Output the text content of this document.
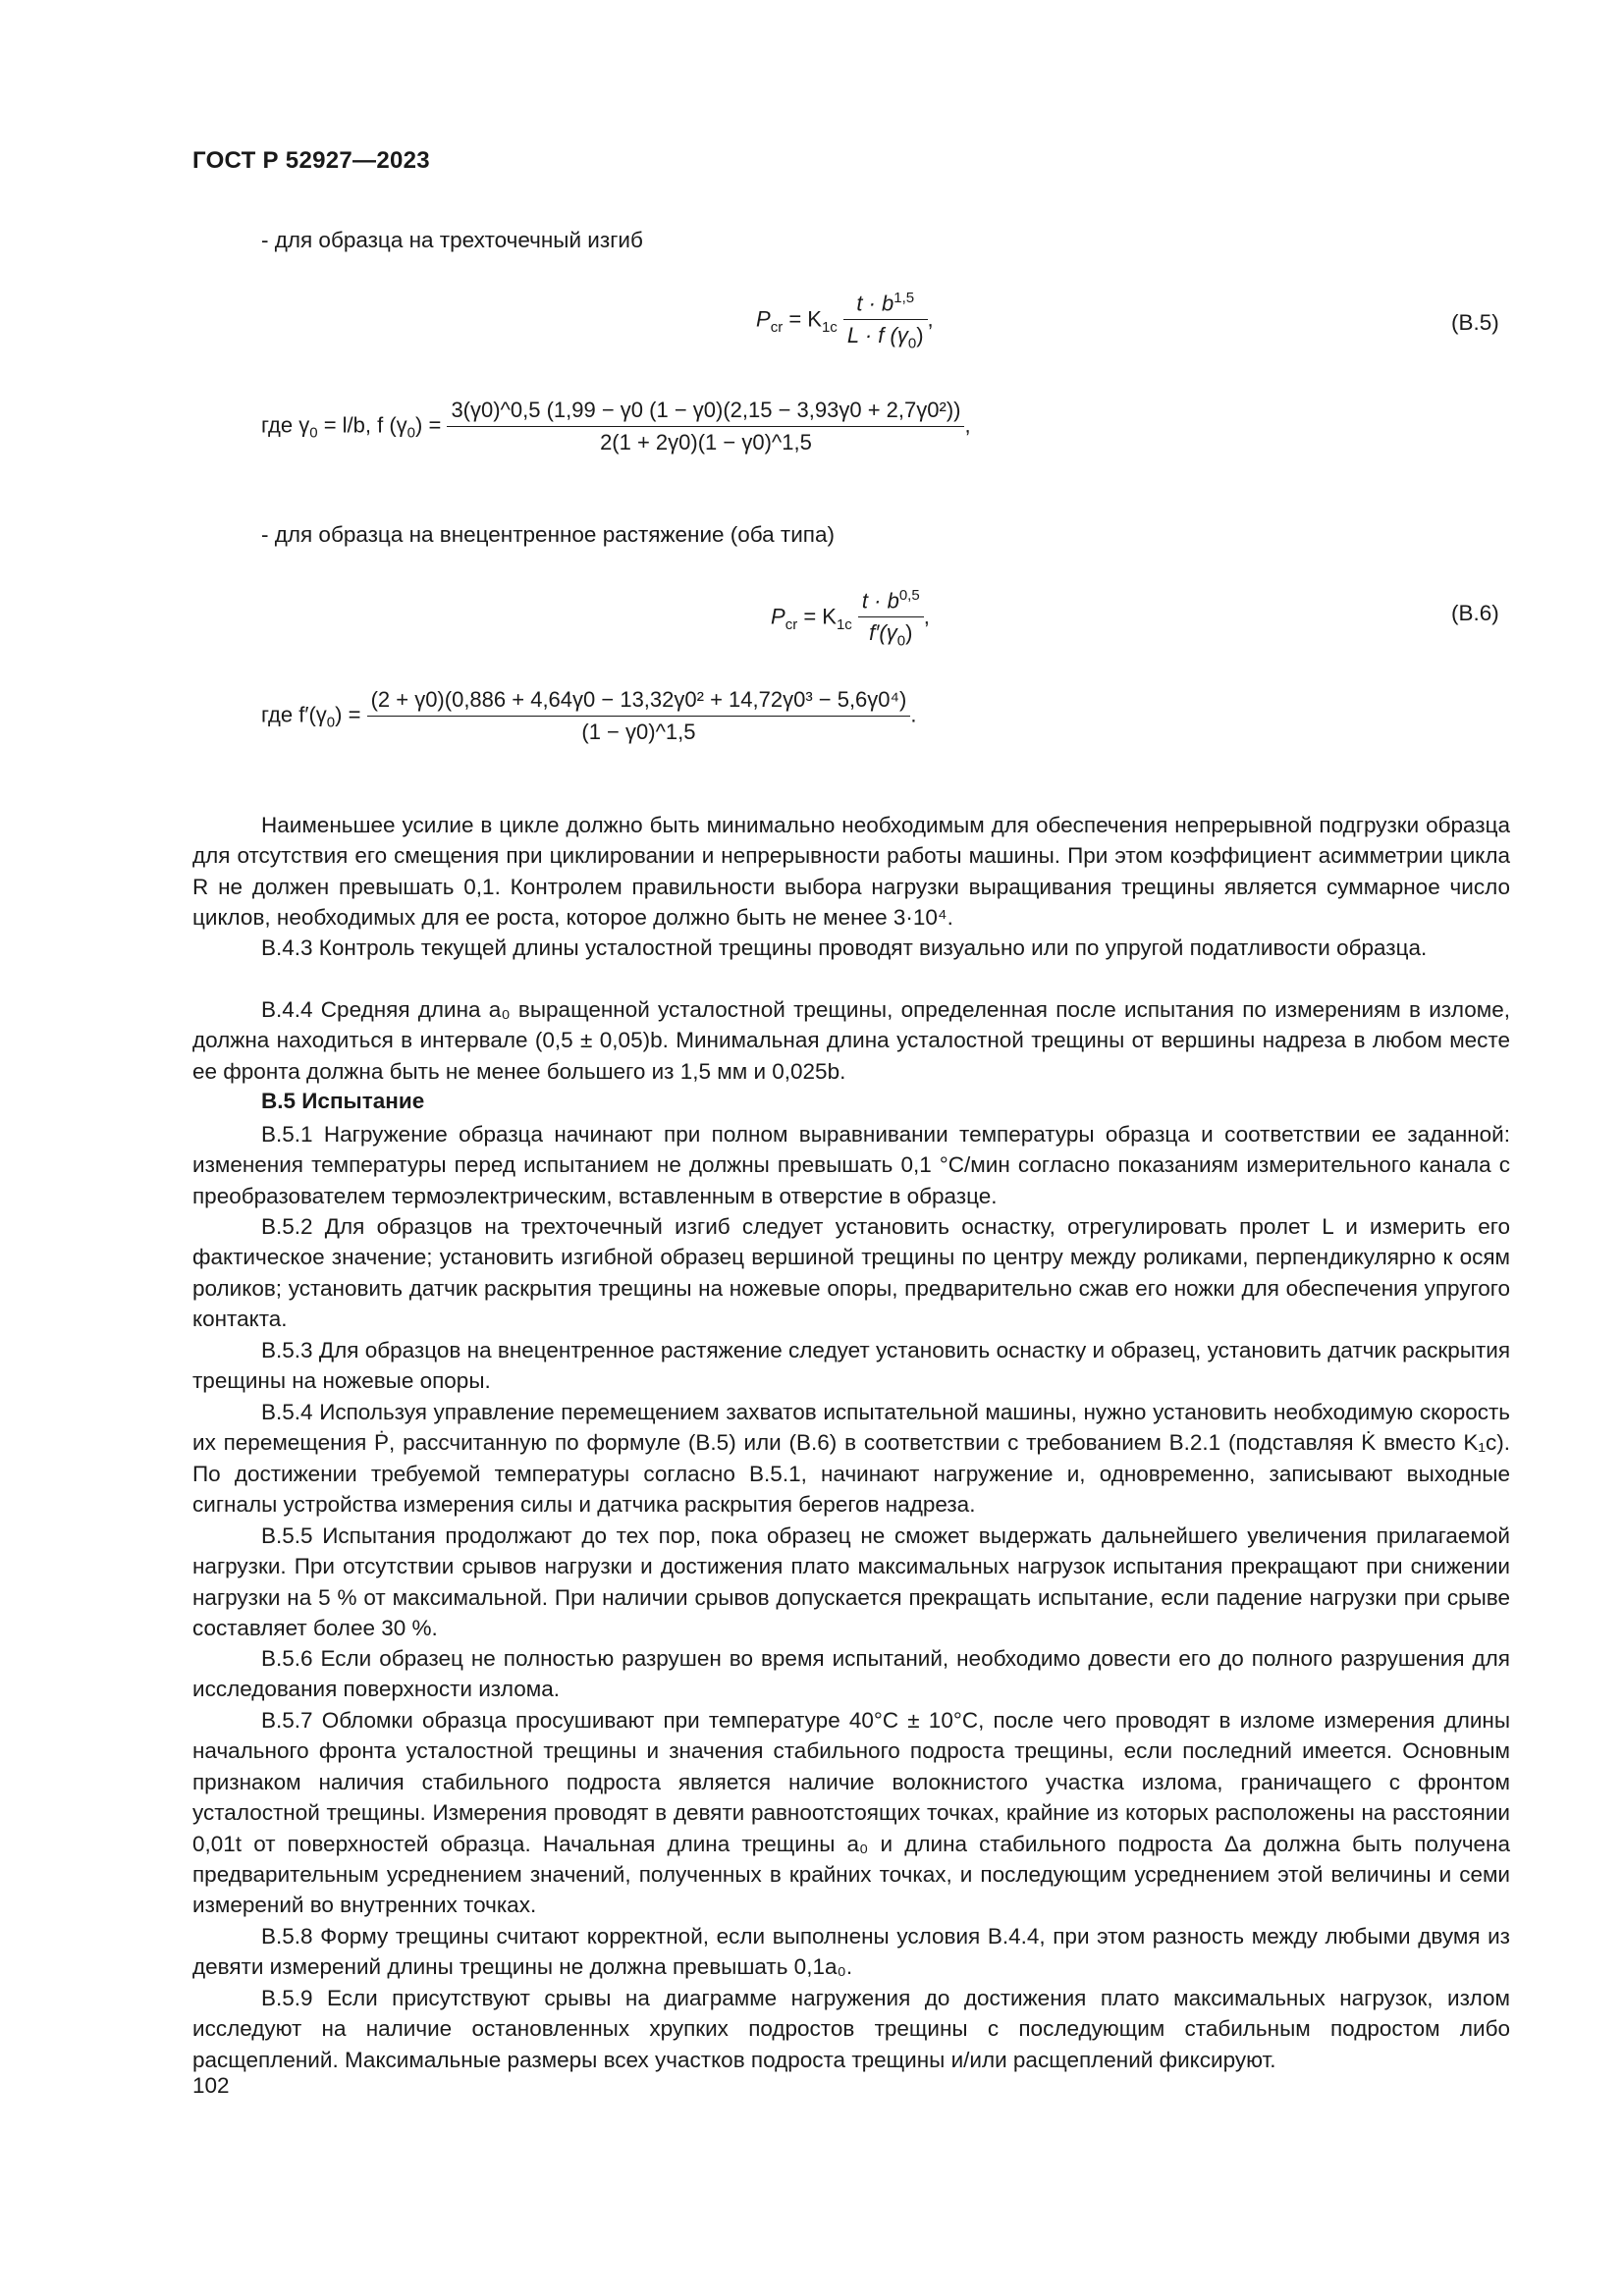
ГОСТ Р 52927—2023
- для образца на трехточечный изгиб
$P_{cr} = K_{1c} \frac{t \cdot b^{1,5}}{L \cdot f (\gamma_0)}$ ,	(В.5)
где $\gamma_0 = l/b$, f $(\gamma_0) = \frac{\text{3(γ0)\textasciicircum{}0,5 (1,99 − γ0 (1 − γ0)(2,15 − 3,93γ0 + 2,7γ0²))}}{2(1 + 2\gamma 0)(1 - \gamma 0)\^{}1,5}$ ,
- для образца на внецентренное растяжение (оба типа)
$P_{cr} = K_{1c} \frac{t \cdot b^{0,5}}{f'(\gamma_0)}$ ,	(В.6)
где $f'(\gamma_0) = \frac{\text{(2 + γ0)(0,886 + 4,64γ0 − 13,32γ0² + 14,72γ0³ − 5,6γ0⁴)}}{(1 - \gamma 0)\^{}1,5}$ .

Наименьшее усилие в цикле должно быть минимально необходимым для обеспечения непрерывной подгрузки образца для отсутствия его смещения при циклировании и непрерывности работы машины. При этом коэффициент асимметрии цикла R не должен превышать 0,1. Контролем правильности выбора нагрузки выращивания трещины является суммарное число циклов, необходимых для ее роста, которое должно быть не менее 3·10⁴.

В.4.3 Контроль текущей длины усталостной трещины проводят визуально или по упругой податливости образца.

В.4.4 Средняя длина a₀ выращенной усталостной трещины, определенная после испытания по измерениям в изломе, должна находиться в интервале (0,5 ± 0,05)b. Минимальная длина усталостной трещины от вершины надреза в любом месте ее фронта должна быть не менее большего из 1,5 мм и 0,025b.

В.5 Испытание

В.5.1 Нагружение образца начинают при полном выравнивании температуры образца и соответствии ее заданной: изменения температуры перед испытанием не должны превышать 0,1 °С/мин согласно показаниям измерительного канала с преобразователем термоэлектрическим, вставленным в отверстие в образце.

В.5.2 Для образцов на трехточечный изгиб следует установить оснастку, отрегулировать пролет L и измерить его фактическое значение; установить изгибной образец вершиной трещины по центру между роликами, перпендикулярно к осям роликов; установить датчик раскрытия трещины на ножевые опоры, предварительно сжав его ножки для обеспечения упругого контакта.

В.5.3 Для образцов на внецентренное растяжение следует установить оснастку и образец, установить датчик раскрытия трещины на ножевые опоры.

В.5.4 Используя управление перемещением захватов испытательной машины, нужно установить необходимую скорость их перемещения Ṗ, рассчитанную по формуле (В.5) или (В.6) в соответствии с требованием В.2.1 (подставляя K̇ вместо K₁c). По достижении требуемой температуры согласно В.5.1, начинают нагружение и, одновременно, записывают выходные сигналы устройства измерения силы и датчика раскрытия берегов надреза.

В.5.5 Испытания продолжают до тех пор, пока образец не сможет выдержать дальнейшего увеличения прилагаемой нагрузки. При отсутствии срывов нагрузки и достижения плато максимальных нагрузок испытания прекращают при снижении нагрузки на 5 % от максимальной. При наличии срывов допускается прекращать испытание, если падение нагрузки при срыве составляет более 30 %.

В.5.6 Если образец не полностью разрушен во время испытаний, необходимо довести его до полного разрушения для исследования поверхности излома.

В.5.7 Обломки образца просушивают при температуре 40°С ± 10°С, после чего проводят в изломе измерения длины начального фронта усталостной трещины и значения стабильного подроста трещины, если последний имеется. Основным признаком наличия стабильного подроста является наличие волокнистого участка излома, граничащего с фронтом усталостной трещины. Измерения проводят в девяти равноотстоящих точках, крайние из которых расположены на расстоянии 0,01t от поверхностей образца. Начальная длина трещины a₀ и длина стабильного подроста Δa должна быть получена предварительным усреднением значений, полученных в крайних точках, и последующим усреднением этой величины и семи измерений во внутренних точках.

В.5.8 Форму трещины считают корректной, если выполнены условия В.4.4, при этом разность между любыми двумя из девяти измерений длины трещины не должна превышать 0,1a₀.

В.5.9 Если присутствуют срывы на диаграмме нагружения до достижения плато максимальных нагрузок, излом исследуют на наличие остановленных хрупких подростов трещины с последующим стабильным подростом либо расщеплений. Максимальные размеры всех участков подроста трещины и/или расщеплений фиксируют.

102
